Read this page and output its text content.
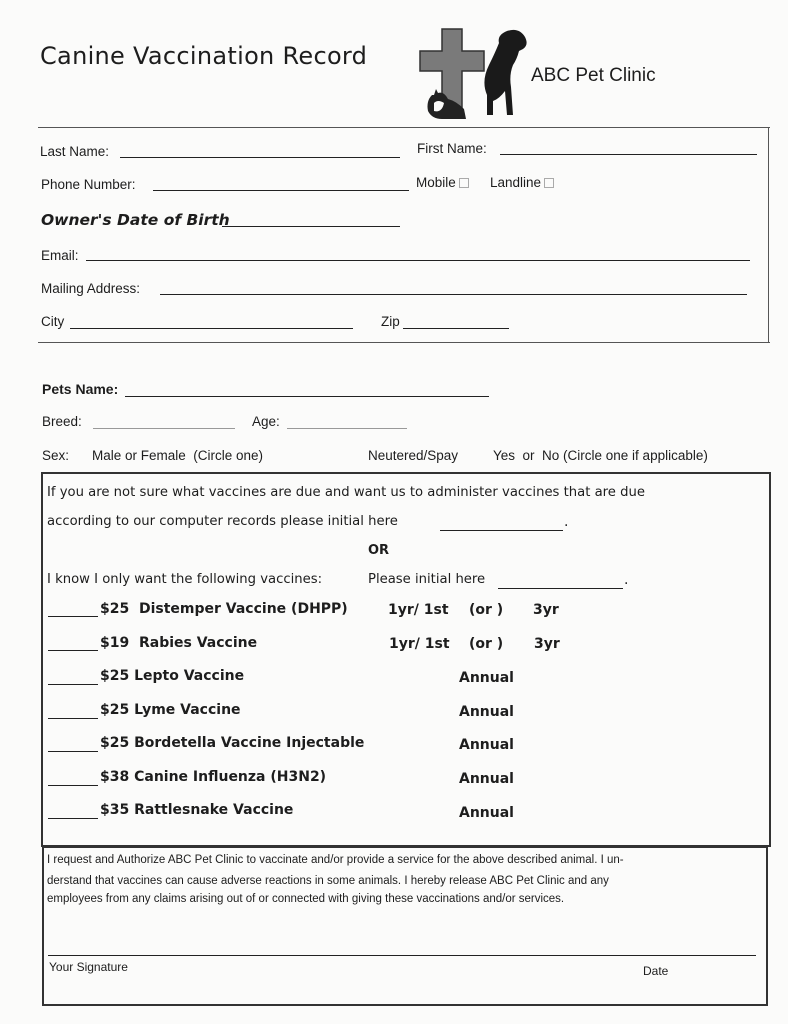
Canine Vaccination Record
ABC Pet Clinic
Last Name:	First Name:
Phone Number:	Mobile	Landline
Owner's Date of Birth
Email:
Mailing Address:
City	Zip
Pets Name:
Breed:	Age:
Sex: Male or Female  (Circle one)	Neutered/Spay	Yes  or  No (Circle one if applicable)
If you are not sure what vaccines are due and want us to administer vaccines that are due
according to our computer records please initial here	.
OR
I know I only want the following vaccines:	Please initial here	.
$25  Distemper Vaccine (DHPP)	1yr/ 1st (or ) 3yr
$19  Rabies Vaccine	1yr/ 1st (or ) 3yr
$25 Lepto Vaccine	Annual
$25 Lyme Vaccine	Annual
$25 Bordetella Vaccine Injectable	Annual
$38 Canine Influenza (H3N2)	Annual
$35 Rattlesnake Vaccine	Annual
I request and Authorize ABC Pet Clinic to vaccinate and/or provide a service for the above described animal. I un-
derstand that vaccines can cause adverse reactions in some animals. I hereby release ABC Pet Clinic and any
employees from any claims arising out of or connected with giving these vaccinations and/or services.
Your Signature	Date
